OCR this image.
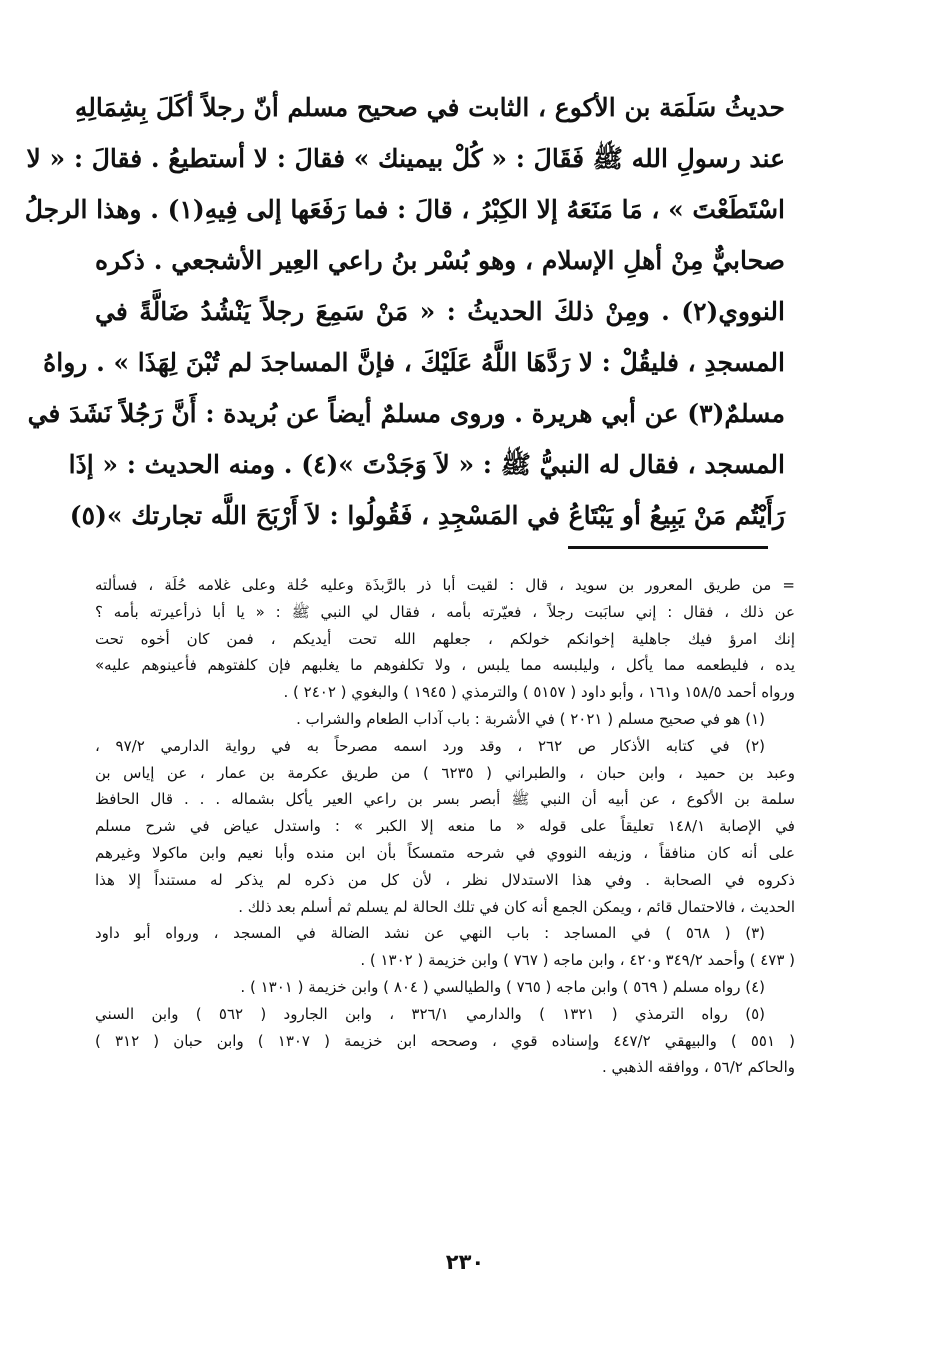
حديثُ سَلَمَة بن الأكوع ، الثابت في صحيح مسلم أنّ رجلاً أكَلَ بِشِمَالِهِ
عند رسولِ الله ﷺ فَقَالَ : « كُلْ بيمينك » فقالَ : لا أستطيعُ . فقالَ : « لا
اسْتَطَعْتَ » ، مَا مَنَعَهُ إلا الكِبْرُ ، قالَ : فما رَفَعَها إلى فِيهِ(١) . وهذا الرجلُ
صحابيٌّ مِنْ أهلِ الإسلام ، وهو بُسْر بنُ راعي العِير الأشجعي . ذكره
النووي(٢) . ومِنْ ذلكَ الحديثُ : « مَنْ سَمِعَ رجلاً يَنْشُدُ ضَالَّةً في
المسجدِ ، فليقُلْ : لا رَدَّهَا اللَّهُ عَلَيْكَ ، فإنَّ المساجدَ لم تُبْنَ لِهَذَا » . رواهُ
مسلمٌ(٣) عن أبي هريرة . وروى مسلمٌ أيضاً عن بُريدة : أَنَّ رَجُلاً نَشَدَ في
المسجد ، فقال له النبيُّ ﷺ : « لاَ وَجَدْتَ »(٤) . ومنه الحديث : « إذَا
رَأَيْتُم مَنْ يَبِيعُ أو يَبْتَاعُ في المَسْجِدِ ، فَقُولُوا : لاَ أَرْبَحَ اللَّه تجارتك »(٥)
= من طريق المعرور بن سويد ، قال : لقيت أبا ذر بالرَّبذَة وعليه حُلة وعلى غلامه حُلَة ، فسألته
عن ذلك ، فقال : إني سابَبت رجلاً ، فعيّرته بأمه ، فقال لي النبي ﷺ : « يا أبا ذرأعيرته بأمه ؟
إنك امرؤ فيك جاهلية إخوانكم خولكم ، جعلهم الله تحت أيديكم ، فمن كان أخوه تحت
يده ، فليطعمه مما يأكل ، وليلبسه مما يلبس ، ولا تكلفوهم ما يغلبهم فإن كلفتوهم فأعينوهم عليه»
ورواه أحمد ١٥٨/٥ و١٦١ ، وأبو داود ( ٥١٥٧ ) والترمذي ( ١٩٤٥ ) والبغوي ( ٢٤٠٢ ) .
(١) هو في صحيح مسلم ( ٢٠٢١ ) في الأشربة : باب آداب الطعام والشراب .
(٢) في كتابه الأذكار ص ٢٦٢ ، وقد ورد اسمه مصرحاً به في رواية الدارمي ٩٧/٢ ،
وعبد بن حميد ، وابن حبان ، والطبراني ( ٦٢٣٥ ) من طريق عكرمة بن عمار ، عن إياس بن
سلمة بن الأكوع ، عن أبيه أن النبي ﷺ أبصر بسر بن راعي العير يأكل بشماله . . . قال الحافظ
في الإصابة ١٤٨/١ تعليقاً على قوله « ما منعه إلا الكبر » : واستدل عياض في شرح مسلم
على أنه كان منافقاً ، وزيفه النووي في شرحه متمسكاً بأن ابن منده وأبا نعيم وابن ماكولا وغيرهم
ذكروه في الصحابة . وفي هذا الاستدلال نظر ، لأن كل من ذكره لم يذكر له مستنداً إلا هذا
الحديث ، فالاحتمال قائم ، ويمكن الجمع أنه كان في تلك الحالة لم يسلم ثم أسلم بعد ذلك .
(٣) ( ٥٦٨ ) في المساجد : باب النهي عن نشد الضالة في المسجد ، ورواه أبو داود
( ٤٧٣ ) وأحمد ٣٤٩/٢ و٤٢٠ ، وابن ماجه ( ٧٦٧ ) وابن خزيمة ( ١٣٠٢ ) .
(٤) رواه مسلم ( ٥٦٩ ) وابن ماجه ( ٧٦٥ ) والطيالسي ( ٨٠٤ ) وابن خزيمة ( ١٣٠١ ) .
(٥) رواه الترمذي ( ١٣٢١ ) والدارمي ٣٢٦/١ ، وابن الجارود ( ٥٦٢ ) وابن السني
( ٥٥١ ) والبيهقي ٤٤٧/٢ وإسناده قوي ، وصححه ابن خزيمة ( ١٣٠٧ ) وابن حبان ( ٣١٢ )
والحاكم ٥٦/٢ ، ووافقه الذهبي .
٢٣٠
